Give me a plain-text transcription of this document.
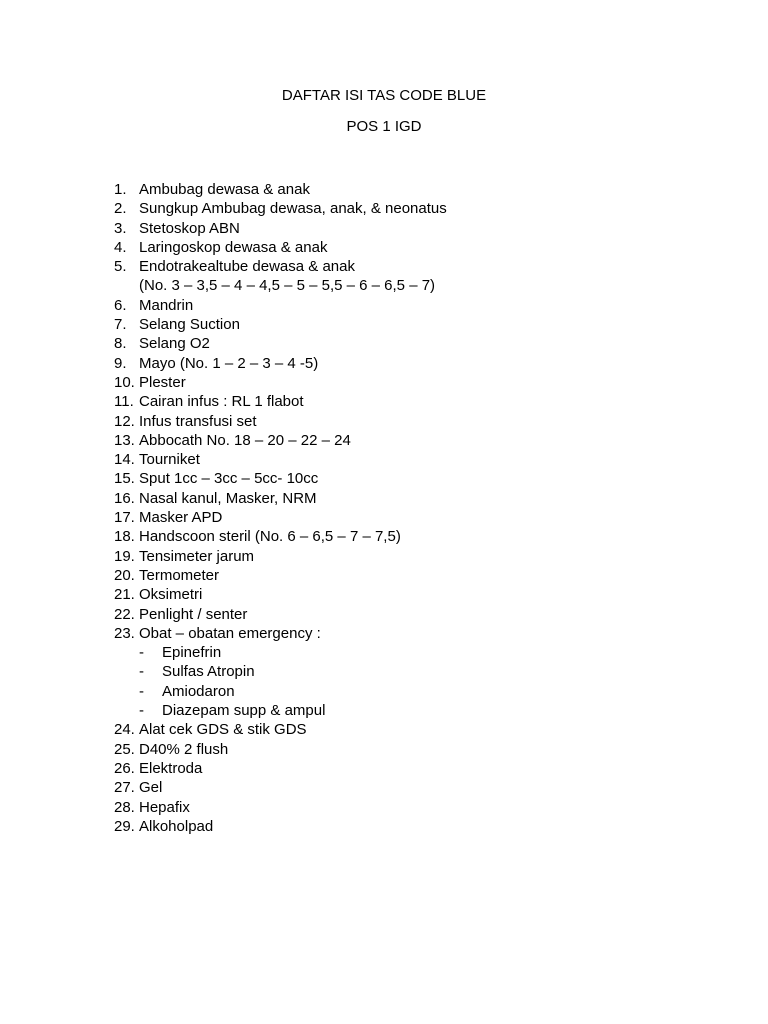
DAFTAR ISI TAS CODE BLUE
POS 1 IGD
1. Ambubag dewasa & anak
2. Sungkup Ambubag dewasa, anak, & neonatus
3. Stetoskop ABN
4. Laringoskop dewasa & anak
5. Endotrakealtube dewasa & anak
(No. 3 – 3,5 – 4 – 4,5 – 5 – 5,5 – 6 – 6,5 – 7)
6. Mandrin
7. Selang Suction
8. Selang O2
9. Mayo (No. 1 – 2 – 3 – 4 -5)
10. Plester
11. Cairan infus : RL 1 flabot
12. Infus transfusi set
13. Abbocath No. 18 – 20 – 22 – 24
14. Tourniket
15. Sput 1cc – 3cc – 5cc- 10cc
16. Nasal kanul, Masker, NRM
17. Masker APD
18. Handscoon steril (No. 6 – 6,5 – 7 – 7,5)
19. Tensimeter jarum
20. Termometer
21. Oksimetri
22. Penlight / senter
23. Obat – obatan emergency :
- Epinefrin
- Sulfas Atropin
- Amiodaron
- Diazepam supp & ampul
24. Alat cek GDS & stik GDS
25. D40% 2 flush
26. Elektroda
27. Gel
28. Hepafix
29. Alkoholpad
